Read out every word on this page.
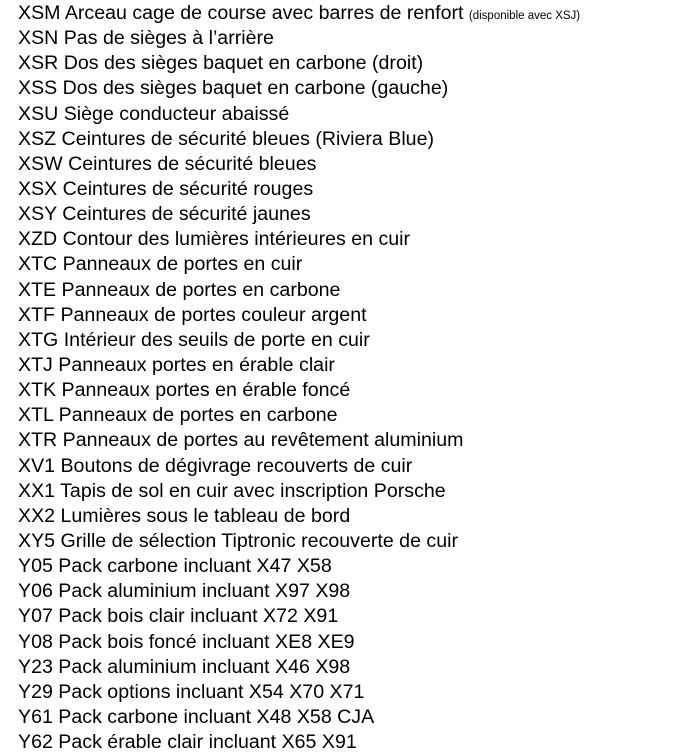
XSM Arceau cage de course avec barres de renfort (disponible avec XSJ)
XSN Pas de sièges à l’arrière
XSR Dos des sièges baquet en carbone (droit)
XSS Dos des sièges baquet en carbone (gauche)
XSU Siège conducteur abaissé
XSZ Ceintures de sécurité bleues (Riviera Blue)
XSW Ceintures de sécurité bleues
XSX Ceintures de sécurité rouges
XSY Ceintures de sécurité jaunes
XZD Contour des lumières intérieures en cuir
XTC Panneaux de portes en cuir
XTE Panneaux de portes en carbone
XTF Panneaux de portes couleur argent
XTG Intérieur des seuils de porte en cuir
XTJ Panneaux portes en érable clair
XTK Panneaux portes en érable foncé
XTL Panneaux de portes en carbone
XTR Panneaux de portes au revêtement aluminium
XV1 Boutons de dégivrage recouverts de cuir
XX1 Tapis de sol en cuir avec inscription Porsche
XX2 Lumières sous le tableau de bord
XY5 Grille de sélection Tiptronic recouverte de cuir
Y05 Pack carbone incluant X47 X58
Y06 Pack aluminium incluant X97 X98
Y07 Pack bois clair incluant X72 X91
Y08 Pack bois foncé incluant XE8 XE9
Y23 Pack aluminium incluant X46 X98
Y29 Pack options incluant X54 X70 X71
Y61 Pack carbone incluant X48 X58 CJA
Y62 Pack érable clair incluant X65 X91
